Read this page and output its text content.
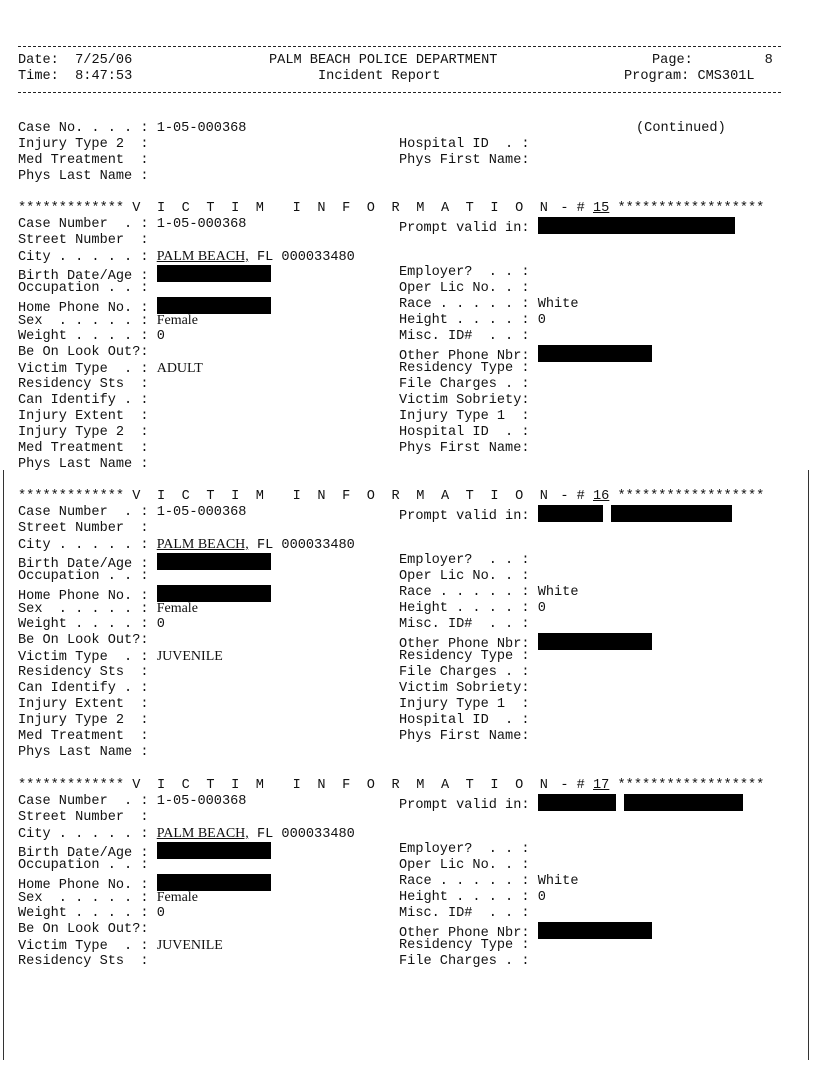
Date: 7/25/06
Time: 8:47:53
PALM BEACH POLICE DEPARTMENT
Incident Report
Page:	8
Program: CMS301L
Case No. . . . : 1-05-000368	(Continued)
Injury Type 2  :	Hospital ID  . :
Med Treatment  :	Phys First Name:
Phys Last Name :
************* V I C T I M I N F O R M A T I O N - # 15 ******************
Case Number  . : 1-05-000368	Prompt valid in:
Street Number  :
City . . . . . : PALM BEACH, FL 000033480
Birth Date/Age :	Employer?  . . :
Occupation . . :	Oper Lic No. . :
Home Phone No. :	Race . . . . . : White
Sex  . . . . . : Female	Height . . . . : 0
Weight . . . . : 0	Misc. ID#  . . :
Be On Look Out?:	Other Phone Nbr:
Victim Type  . : ADULT	Residency Type :
Residency Sts  :	File Charges . :
Can Identify . :	Victim Sobriety:
Injury Extent  :	Injury Type 1  :
Injury Type 2  :	Hospital ID  . :
Med Treatment  :	Phys First Name:
Phys Last Name :
************* V I C T I M I N F O R M A T I O N - # 16 ******************
Case Number  . : 1-05-000368	Prompt valid in:
Street Number  :
City . . . . . : PALM BEACH, FL 000033480
Birth Date/Age :	Employer?  . . :
Occupation . . :	Oper Lic No. . :
Home Phone No. :	Race . . . . . : White
Sex  . . . . . : Female	Height . . . . : 0
Weight . . . . : 0	Misc. ID#  . . :
Be On Look Out?:	Other Phone Nbr:
Victim Type  . : JUVENILE	Residency Type :
Residency Sts  :	File Charges . :
Can Identify . :	Victim Sobriety:
Injury Extent  :	Injury Type 1  :
Injury Type 2  :	Hospital ID  . :
Med Treatment  :	Phys First Name:
Phys Last Name :
************* V I C T I M I N F O R M A T I O N - # 17 ******************
Case Number  . : 1-05-000368	Prompt valid in:
Street Number  :
City . . . . . : PALM BEACH, FL 000033480
Birth Date/Age :	Employer?  . . :
Occupation . . :	Oper Lic No. . :
Home Phone No. :	Race . . . . . : White
Sex  . . . . . : Female	Height . . . . : 0
Weight . . . . : 0	Misc. ID#  . . :
Be On Look Out?:	Other Phone Nbr:
Victim Type  . : JUVENILE	Residency Type :
Residency Sts  :	File Charges . :
